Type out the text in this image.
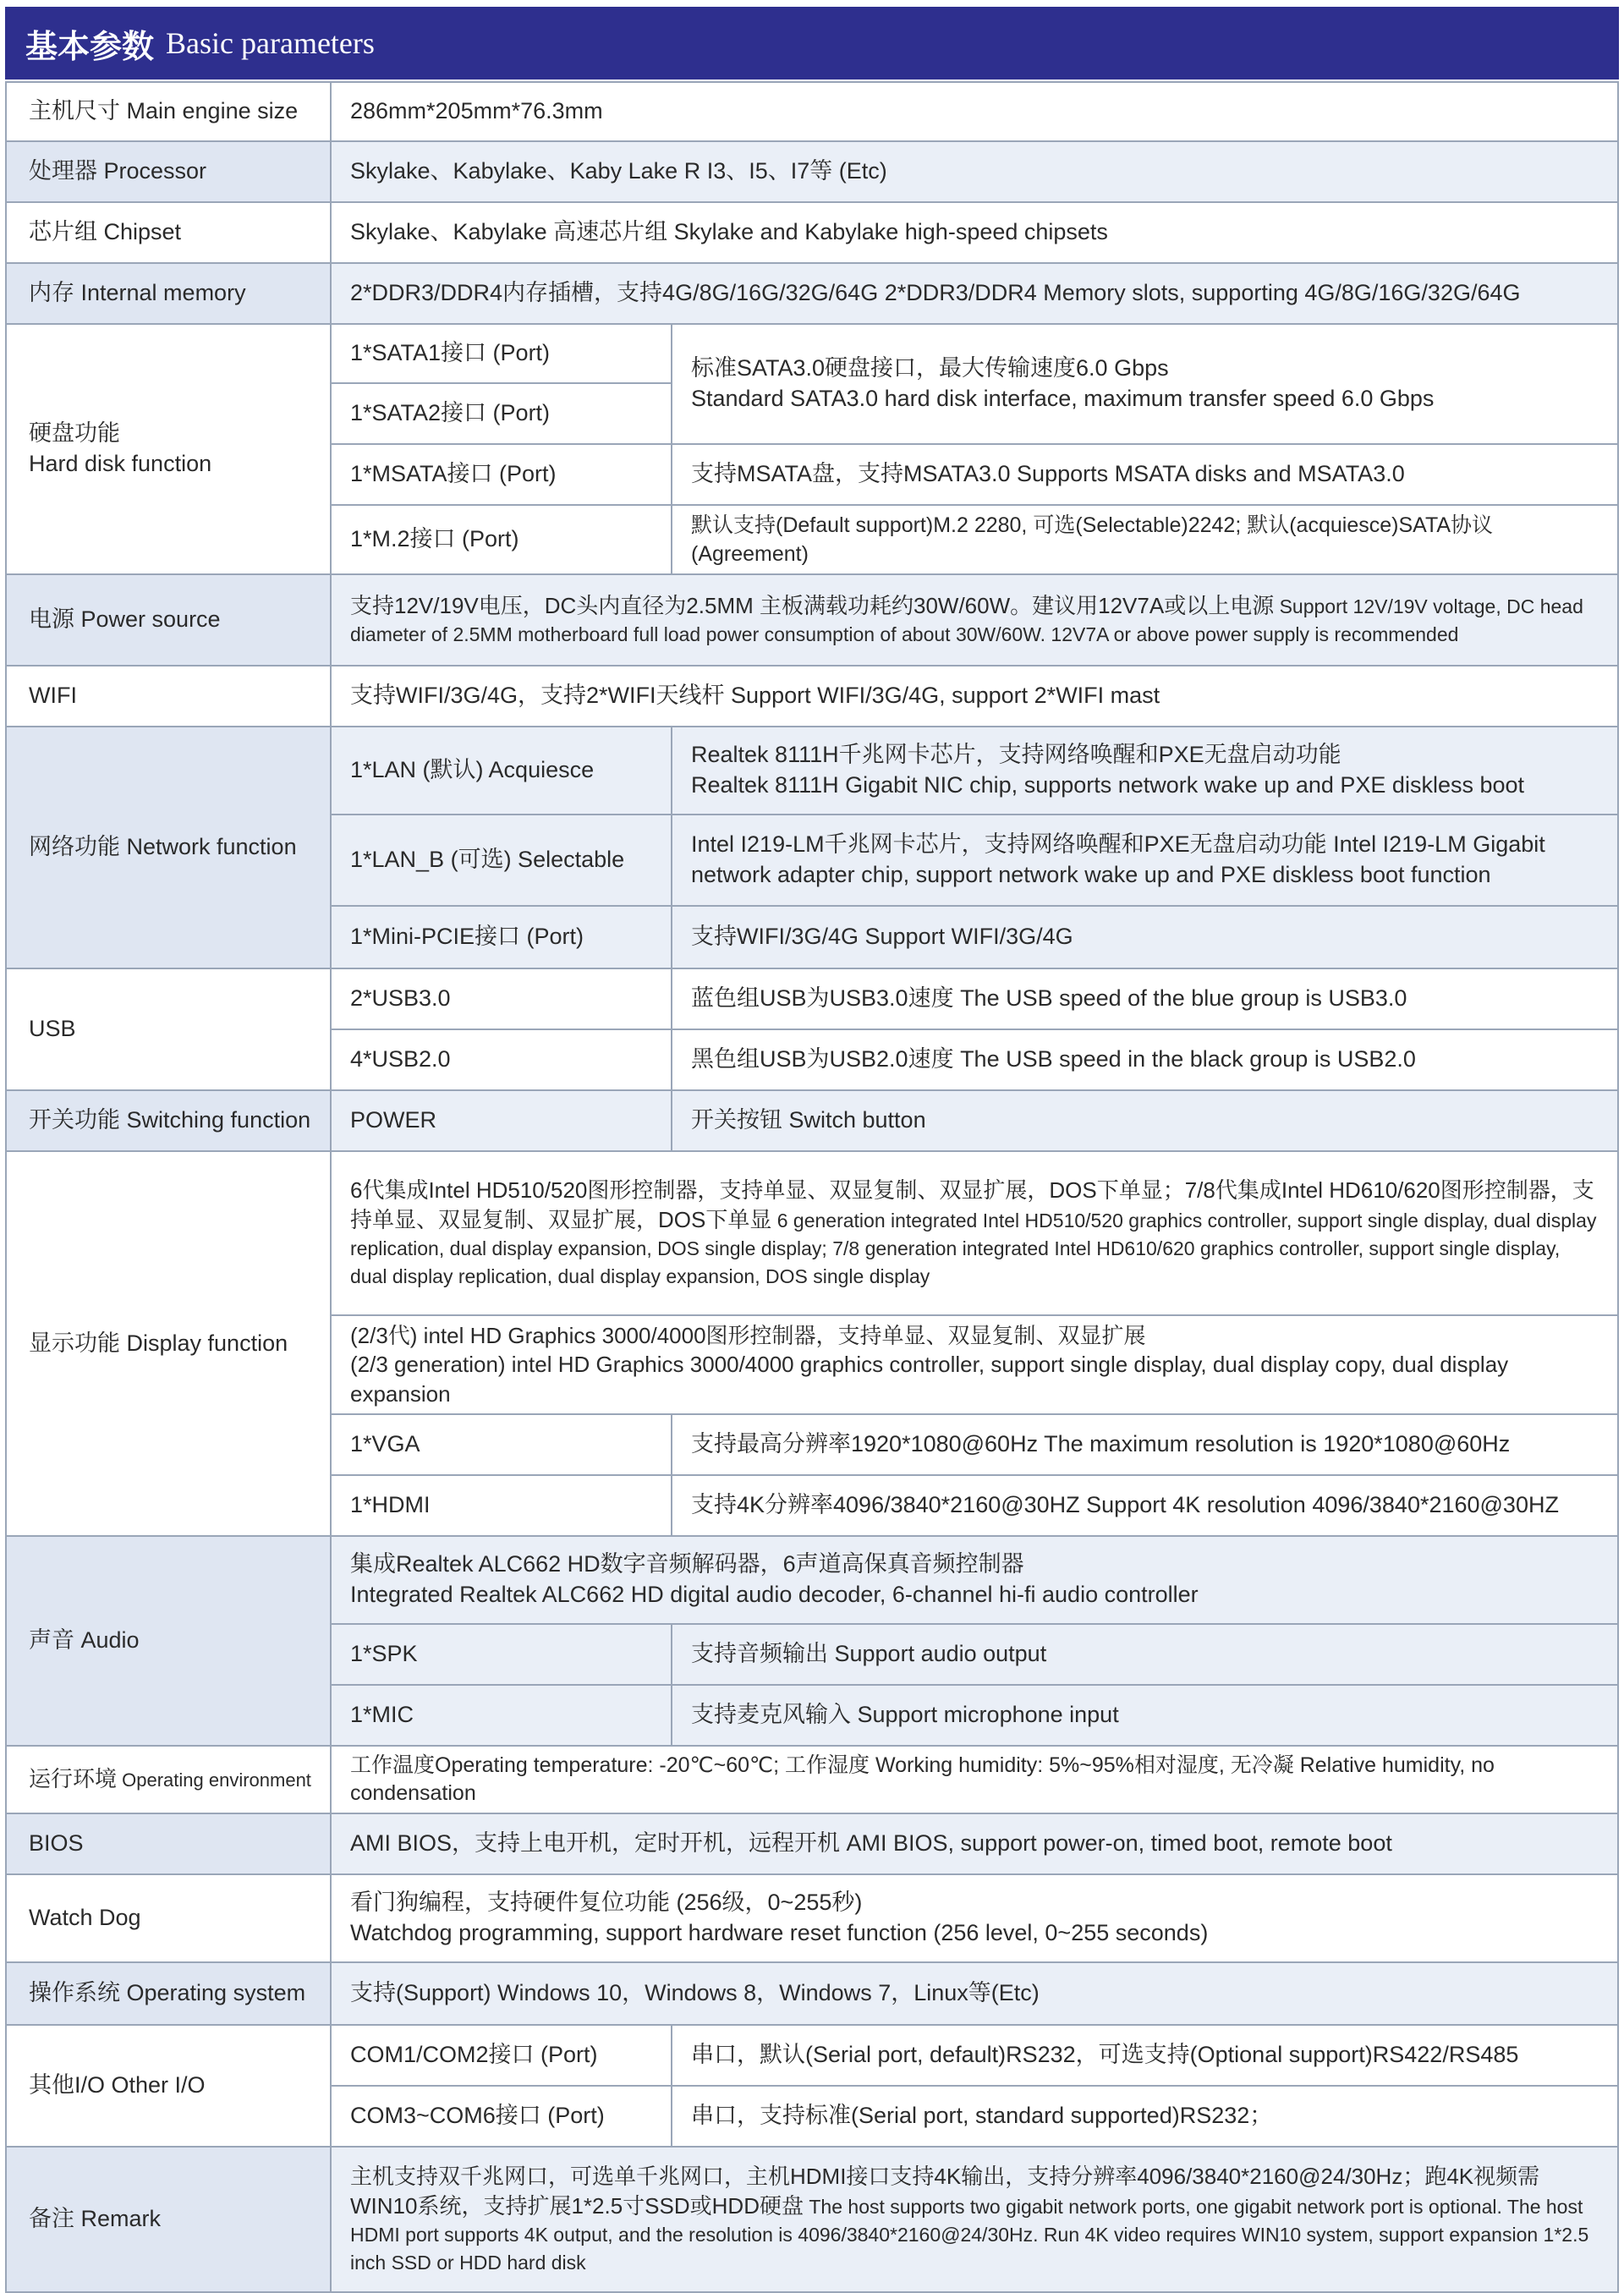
基本参数 Basic parameters
主机尺寸 Main engine size	286mm*205mm*76.3mm	
处理器 Processor	Skylake、Kabylake、Kaby Lake R I3、I5、I7等 (Etc)	
芯片组 Chipset	Skylake、Kabylake 高速芯片组 Skylake and Kabylake high-speed chipsets	
内存 Internal memory	2*DDR3/DDR4内存插槽，支持4G/8G/16G/32G/64G 2*DDR3/DDR4 Memory slots, supporting 4G/8G/16G/32G/64G	

硬盘功能
Hard disk function	1*SATA1接口 (Port)	标准SATA3.0硬盘接口，最大传输速度6.0 Gbps
Standard SATA3.0 hard disk interface, maximum transfer speed 6.0 Gbps

	1*SATA2接口 (Port)	
	1*MSATA接口 (Port)	支持MSATA盘，支持MSATA3.0 Supports MSATA disks and MSATA3.0
	1*M.2接口 (Port)	默认支持(Default support)M.2 2280, 可选(Selectable)2242; 默认(acquiesce)SATA协议(Agreement)
电源 Power source	支持12V/19V电压，DC头内直径为2.5MM 主板满载功耗约30W/60W。建议用12V7A或以上电源 Support 12V/19V voltage, DC head diameter of 2.5MM motherboard full load power consumption of about 30W/60W. 12V7A or above power supply is recommended	
WIFI	支持WIFI/3G/4G，支持2*WIFI天线杆 Support WIFI/3G/4G, support 2*WIFI mast	
网络功能 Network function	1*LAN (默认) Acquiesce	Realtek 8111H千兆网卡芯片，支持网络唤醒和PXE无盘启动功能
Realtek 8111H Gigabit NIC chip, supports network wake up and PXE diskless boot

	1*LAN_B (可选) Selectable	Intel I219-LM千兆网卡芯片，支持网络唤醒和PXE无盘启动功能 Intel I219-LM Gigabit network adapter chip, support network wake up and PXE diskless boot function
	1*Mini-PCIE接口 (Port)	支持WIFI/3G/4G Support WIFI/3G/4G
USB	2*USB3.0	蓝色组USB为USB3.0速度 The USB speed of the blue group is USB3.0
	4*USB2.0	黑色组USB为USB2.0速度 The USB speed in the black group is USB2.0
开关功能 Switching function	POWER	开关按钮 Switch button
显示功能 Display function	6代集成Intel HD510/520图形控制器，支持单显、双显复制、双显扩展，DOS下单显；7/8代集成Intel HD610/620图形控制器，支持单显、双显复制、双显扩展，DOS下单显 6 generation integrated Intel HD510/520 graphics controller, support single display, dual display replication, dual display expansion, DOS single display; 7/8 generation integrated Intel HD610/620 graphics controller, support single display, dual display replication, dual display expansion, DOS single display	

	(2/3代) intel HD Graphics 3000/4000图形控制器，支持单显、双显复制、双显扩展
(2/3 generation) intel HD Graphics 3000/4000 graphics controller, support single display, dual display copy, dual display expansion	

	1*VGA	支持最高分辨率1920*1080@60Hz The maximum resolution is 1920*1080@60Hz
	1*HDMI	支持4K分辨率4096/3840*2160@30HZ Support 4K resolution 4096/3840*2160@30HZ
声音 Audio	集成Realtek ALC662 HD数字音频解码器，6声道高保真音频控制器
Integrated Realtek ALC662 HD digital audio decoder, 6-channel hi-fi audio controller	

	1*SPK	支持音频输出 Support audio output
	1*MIC	支持麦克风输入 Support microphone input
运行环境 Operating environment	工作温度Operating temperature: -20℃~60℃; 工作湿度 Working humidity: 5%~95%相对湿度, 无冷凝 Relative humidity, no condensation	
BIOS	AMI BIOS，支持上电开机，定时开机，远程开机 AMI BIOS, support power-on, timed boot, remote boot	
Watch Dog	看门狗编程，支持硬件复位功能 (256级，0~255秒)
Watchdog programming, support hardware reset function (256 level, 0~255 seconds)	

操作系统 Operating system	支持(Support) Windows 10，Windows 8，Windows 7，Linux等(Etc)	
其他I/O Other I/O	COM1/COM2接口 (Port)	串口，默认(Serial port, default)RS232，可选支持(Optional support)RS422/RS485
	COM3~COM6接口 (Port)	串口，支持标准(Serial port, standard supported)RS232；
备注 Remark	主机支持双千兆网口，可选单千兆网口，主机HDMI接口支持4K输出，支持分辨率4096/3840*2160@24/30Hz；跑4K视频需WIN10系统，支持扩展1*2.5寸SSD或HDD硬盘 The host supports two gigabit network ports, one gigabit network port is optional. The host HDMI port supports 4K output, and the resolution is 4096/3840*2160@24/30Hz. Run 4K video requires WIN10 system, support expansion 1*2.5 inch SSD or HDD hard disk	
